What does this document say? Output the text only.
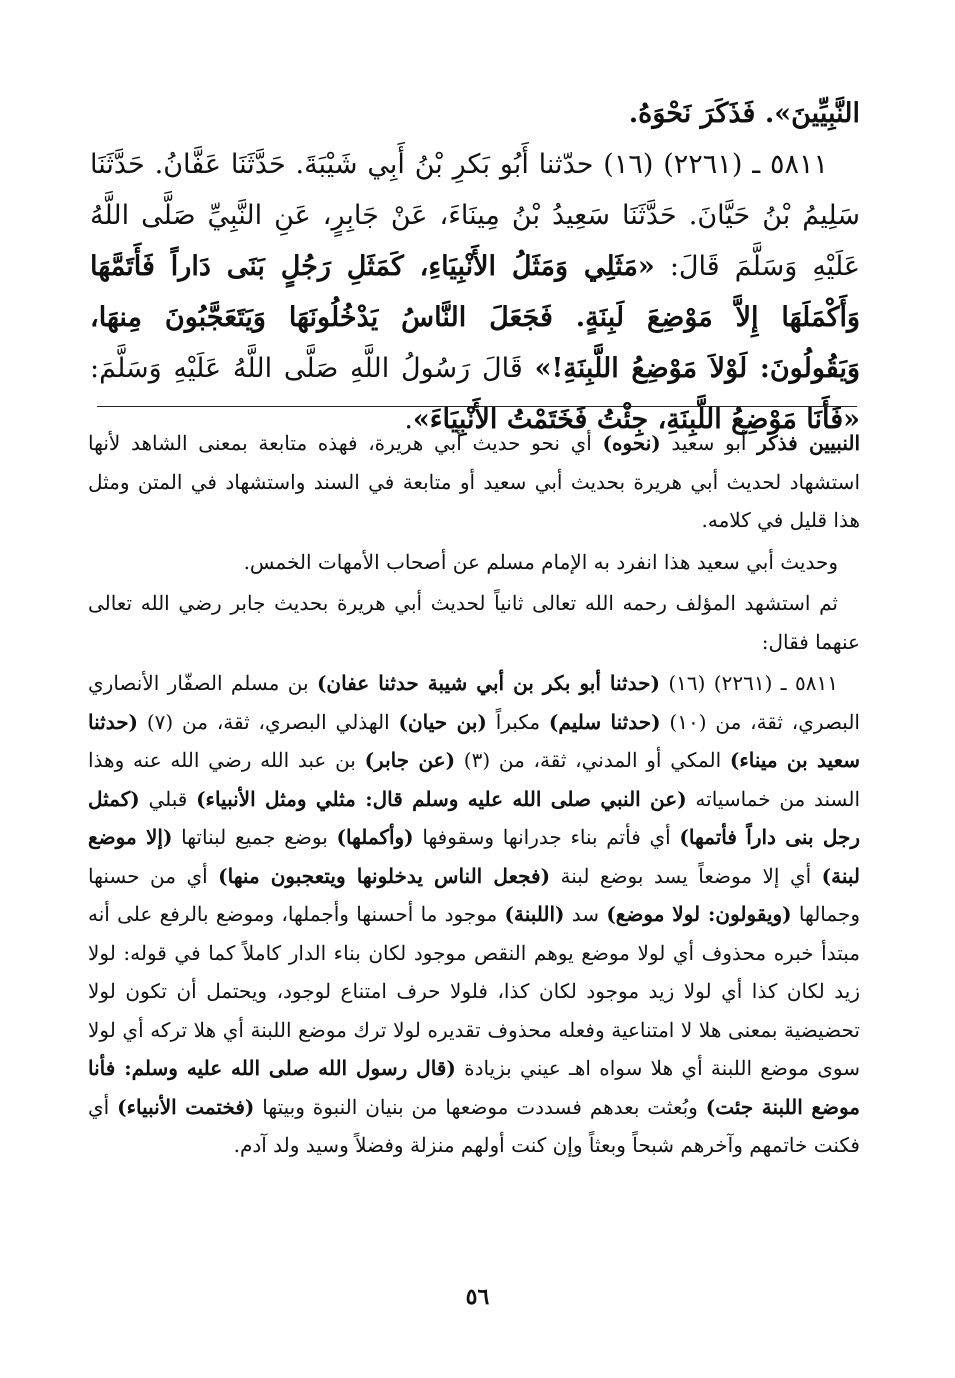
النَّبِيِّينَ». فَذَكَرَ نَحْوَهُ.

٥٨١١ ـ (٢٢٦١) (١٦) حدّثنا أَبُو بَكرِ بْنُ أَبِي شَيْبَةَ. حَدَّثَنَا عَفَّانُ. حَدَّثَنَا سَلِيمُ بْنُ حَيَّانَ. حَدَّثَنَا سَعِيدُ بْنُ مِينَاءَ، عَنْ جَابِرٍ، عَنِ النَّبِيِّ صَلَّى اللَّهُ عَلَيْهِ وَسَلَّمَ قَالَ: «مَثَلِي وَمَثَلُ الأَنْبِيَاءِ، كَمَثَلِ رَجُلٍ بَنَى دَاراً فَأَتَمَّهَا وَأَكْمَلَهَا إِلاَّ مَوْضِعَ لَبِنَةٍ. فَجَعَلَ النَّاسُ يَدْخُلُونَهَا وَيَتَعَجَّبُونَ مِنهَا، وَيَقُولُونَ: لَوْلاَ مَوْضِعُ اللَّبِنَةِ!» قَالَ رَسُولُ اللَّهِ صَلَّى اللَّهُ عَلَيْهِ وَسَلَّمَ: «فَأَنَا مَوْضِعُ اللَّبِنَةِ، جِئْتُ فَخَتَمْتُ الأَنْبِيَاءَ».

النبيين فذكر أبو سعيد (نحوه) أي نحو حديث أبي هريرة، فهذه متابعة بمعنى الشاهد لأنها استشهاد لحديث أبي هريرة بحديث أبي سعيد أو متابعة في السند واستشهاد في المتن ومثل هذا قليل في كلامه.

وحديث أبي سعيد هذا انفرد به الإمام مسلم عن أصحاب الأمهات الخمس.

ثم استشهد المؤلف رحمه الله تعالى ثانياً لحديث أبي هريرة بحديث جابر رضي الله تعالى عنهما فقال:

٥٨١١ ـ (٢٢٦١) (١٦) (حدثنا أبو بكر بن أبي شيبة حدثنا عفان) بن مسلم الصفّار الأنصاري البصري، ثقة، من (١٠) (حدثنا سليم) مكبراً (بن حيان) الهذلي البصري، ثقة، من (٧) (حدثنا سعيد بن ميناء) المكي أو المدني، ثقة، من (٣) (عن جابر) بن عبد الله رضي الله عنه وهذا السند من خماسياته (عن النبي صلى الله عليه وسلم قال: مثلي ومثل الأنبياء) قبلي (كمثل رجل بنى داراً فأتمها) أي فأتم بناء جدرانها وسقوفها (وأكملها) بوضع جميع لبناتها (إلا موضع لبنة) أي إلا موضعاً يسد بوضع لبنة (فجعل الناس يدخلونها ويتعجبون منها) أي من حسنها وجمالها (ويقولون: لولا موضع) سد (اللبنة) موجود ما أحسنها وأجملها، وموضع بالرفع على أنه مبتدأ خبره محذوف أي لولا موضع يوهم النقص موجود لكان بناء الدار كاملاً كما في قوله: لولا زيد لكان كذا أي لولا زيد موجود لكان كذا، فلولا حرف امتناع لوجود، ويحتمل أن تكون لولا تحضيضية بمعنى هلا لا امتناعية وفعله محذوف تقديره لولا ترك موضع اللبنة أي هلا تركه أي لولا سوى موضع اللبنة أي هلا سواه اهـ عيني بزيادة (قال رسول الله صلى الله عليه وسلم: فأنا موضع اللبنة جئت) وبُعثت بعدهم فسددت موضعها من بنيان النبوة وبيتها (فختمت الأنبياء) أي فكنت خاتمهم وآخرهم شبحاً وبعثاً وإن كنت أولهم منزلة وفضلاً وسيد ولد آدم.

٥٦
